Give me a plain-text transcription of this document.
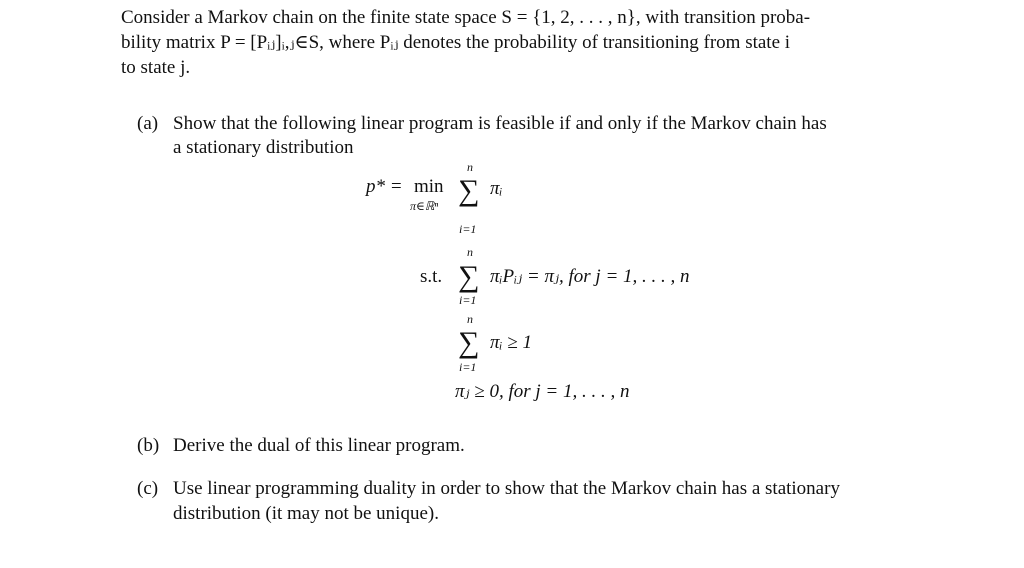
Consider a Markov chain on the finite state space S = {1, 2, . . . , n}, with transition proba-
bility matrix P = [Pᵢⱼ]ᵢ,ⱼ∈S, where Pᵢⱼ denotes the probability of transitioning from state i
to state j.
(a) Show that the following linear program is feasible if and only if the Markov chain has
a stationary distribution
p* = min
π∈ℝⁿ
n
∑
i=1
πᵢ
s.t.
n
∑
i=1
πᵢPᵢⱼ = πⱼ, for j = 1, . . . , n
n
∑
i=1
πᵢ ≥ 1
πⱼ ≥ 0, for j = 1, . . . , n
(b) Derive the dual of this linear program.
(c) Use linear programming duality in order to show that the Markov chain has a stationary
distribution (it may not be unique).
